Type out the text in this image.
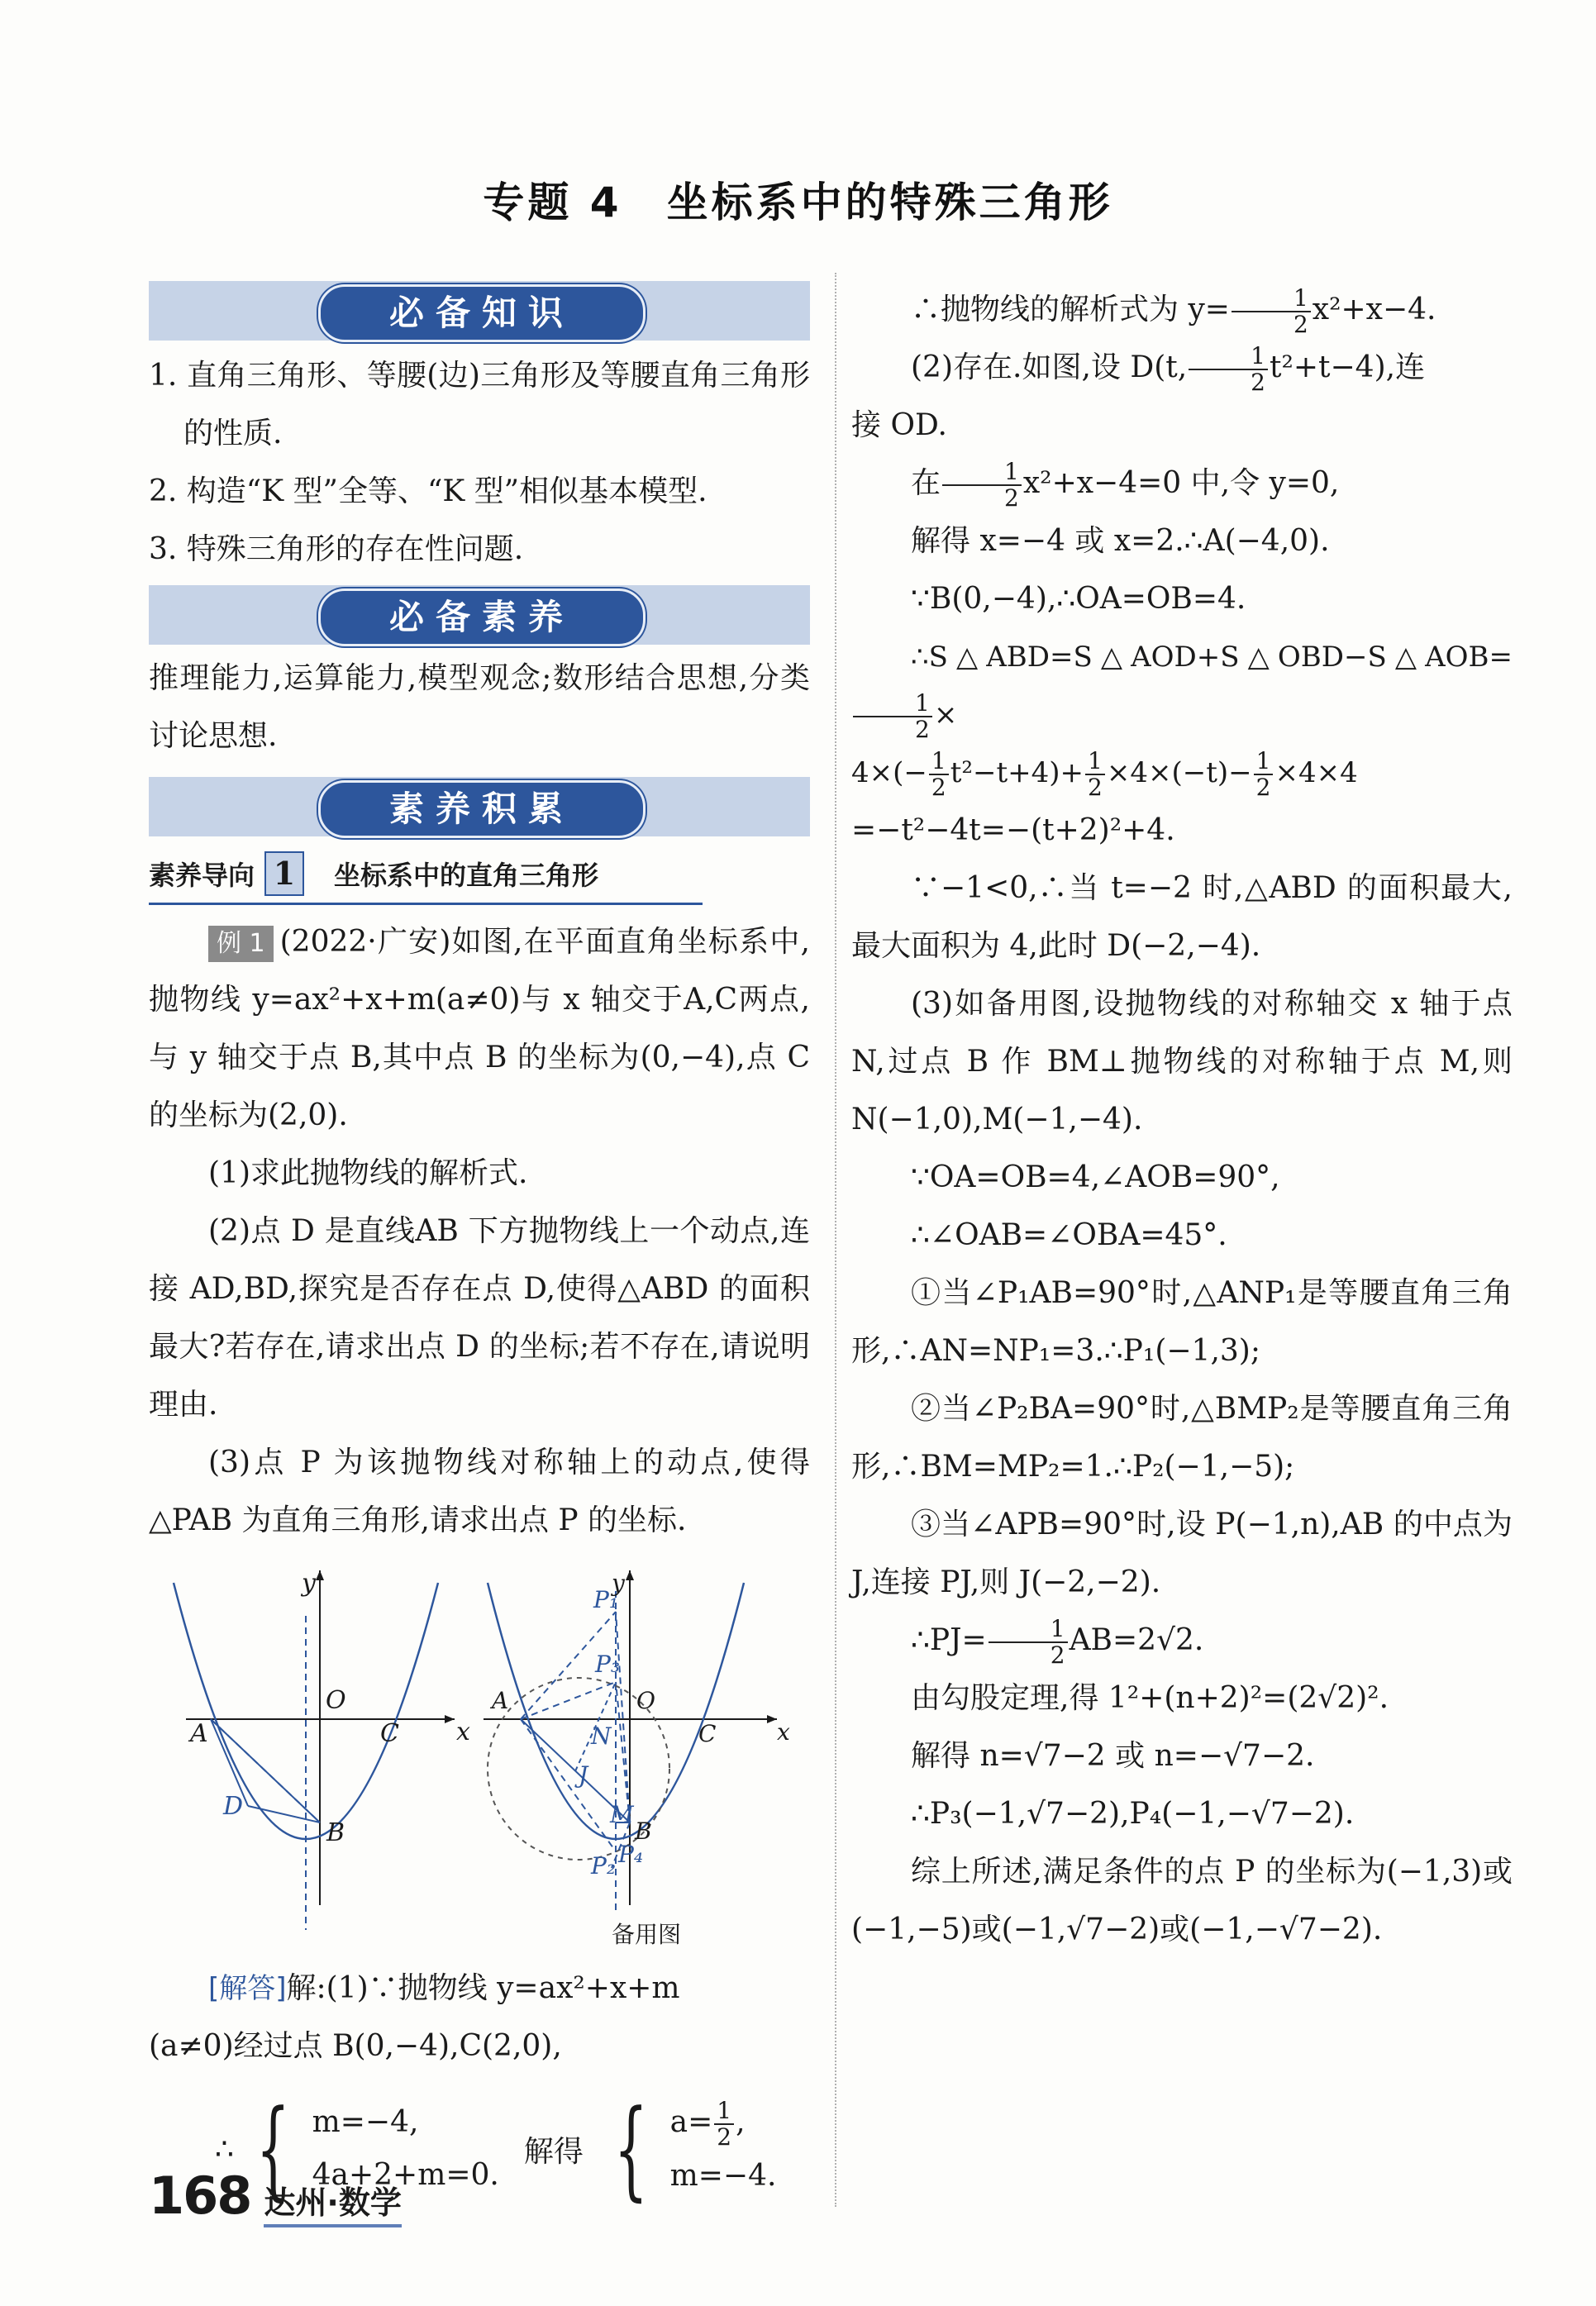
专题 4　坐标系中的特殊三角形
必备知识

1. 直角三角形、等腰(边)三角形及等腰直角三角形的性质.

2. 构造“K 型”全等、“K 型”相似基本模型.

3. 特殊三角形的存在性问题.

必备素养

推理能力,运算能力,模型观念;数形结合思想,分类讨论思想.

素养积累
素养导向 1	坐标系中的直角三角形

例 1 (2022·广安)如图,在平面直角坐标系中,抛物线 y=ax²+x+m(a≠0)与 x 轴交于A,C两点,与 y 轴交于点 B,其中点 B 的坐标为(0,−4),点 C 的坐标为(2,0).

(1)求此抛物线的解析式.

(2)点 D 是直线AB 下方抛物线上一个动点,连接 AD,BD,探究是否存在点 D,使得△ABD 的面积最大?若存在,请求出点 D 的坐标;若不存在,请说明理由.

(3)点 P 为该抛物线对称轴上的动点,使得△PAB 为直角三角形,请求出点 P 的坐标.

y
x
O
A	C
D
B
y
x
O
A
C
P₁
P₃
N
J
M
B
P₂ P₄
备用图

[解答]解:(1)∵抛物线 y=ax²+x+m

(a≠0)经过点 B(0,−4),C(2,0),

∴ { m=−4,
4a+2+m=0.
解得 { $a= \frac{1}{2}$ ,
m=−4.

∴抛物线的解析式为 $y= \frac{1}{2} x^2+x-4$.

(2)存在.如图,设 D(t, $\frac{1}{2} t^2+t-4$),连

接 OD.

在 $\frac{1}{2} x^2+x-4=0$ 中,令 y=0,

解得 x=−4 或 x=2.∴A(−4,0).

∵B(0,−4),∴OA=OB=4.

∴S△ABD=S△AOD+S△OBD−S△AOB=
$\frac{1}{2}$ ×

$4\times(- \frac{1}{2} t^2-t+4)+ \frac{1}{2} \times 4\times(-t)- \frac{1}{2} \times 4\times 4$

=−t²−4t=−(t+2)²+4.

∵−1<0,∴当 t=−2 时,△ABD 的面积最大,最大面积为 4,此时 D(−2,−4).

(3)如备用图,设抛物线的对称轴交 x 轴于点 N,过点 B 作 BM⊥抛物线的对称轴于点 M,则 N(−1,0),M(−1,−4).

∵OA=OB=4,∠AOB=90°,

∴∠OAB=∠OBA=45°.

①当∠P₁AB=90°时,△ANP₁是等腰直角三角形,∴AN=NP₁=3.∴P₁(−1,3);

②当∠P₂BA=90°时,△BMP₂是等腰直角三角形,∴BM=MP₂=1.∴P₂(−1,−5);

③当∠APB=90°时,设 P(−1,n),AB 的中点为 J,连接 PJ,则 J(−2,−2).

∴PJ= $\frac{1}{2} AB=2√2$.

由勾股定理,得 1²+(n+2)²=(2√2)².

解得 n=√7−2 或 n=−√7−2.

∴P₃(−1,√7−2),P₄(−1,−√7−2).

综上所述,满足条件的点 P 的坐标为(−1,3)或(−1,−5)或(−1,√7−2)或(−1,−√7−2).

168 达州·数学
